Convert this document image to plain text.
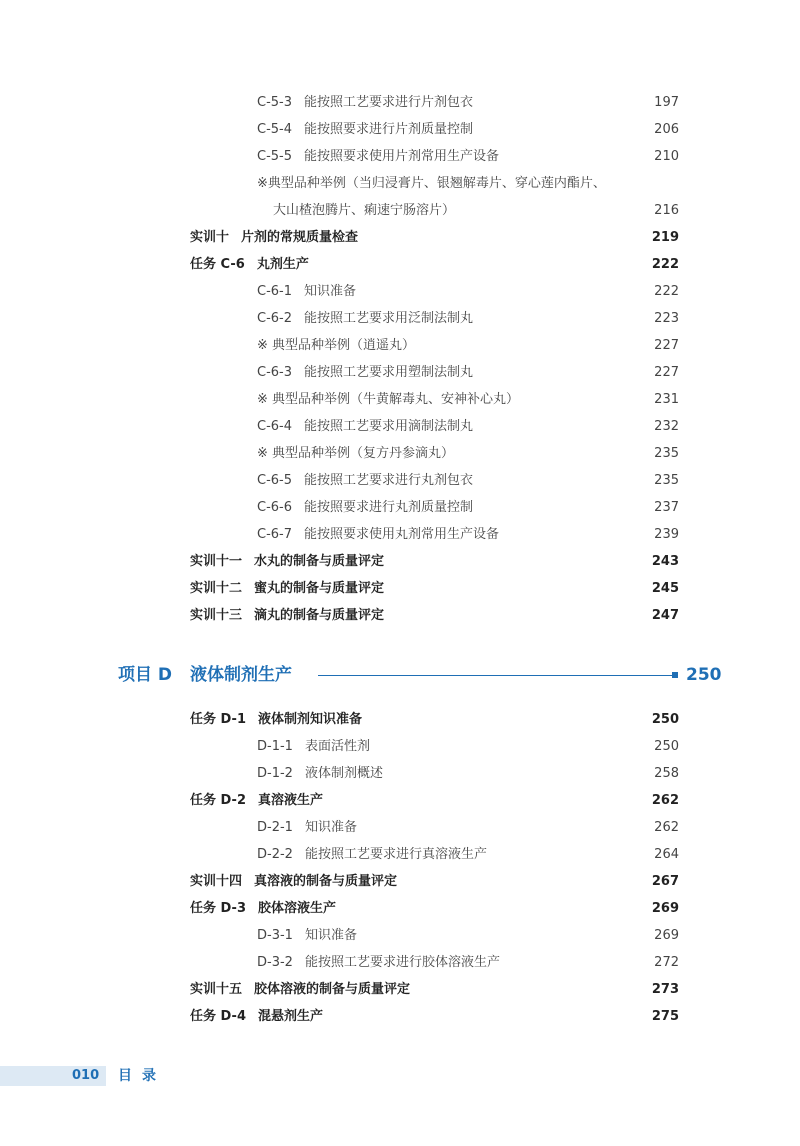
C-5-3 能按照工艺要求进行片剂包衣	197
C-5-4 能按照要求进行片剂质量控制	206
C-5-5 能按照要求使用片剂常用生产设备	210
※典型品种举例（当归浸膏片、银翘解毒片、穿心莲内酯片、
大山楂泡腾片、痢速宁肠溶片）	216
实训十 片剂的常规质量检查	219
任务 C-6 丸剂生产	222
C-6-1 知识准备	222
C-6-2 能按照工艺要求用泛制法制丸	223
※ 典型品种举例（逍遥丸）	227
C-6-3 能按照工艺要求用塑制法制丸	227
※ 典型品种举例（牛黄解毒丸、安神补心丸）	231
C-6-4 能按照工艺要求用滴制法制丸	232
※ 典型品种举例（复方丹参滴丸）	235
C-6-5 能按照工艺要求进行丸剂包衣	235
C-6-6 能按照要求进行丸剂质量控制	237
C-6-7 能按照要求使用丸剂常用生产设备	239
实训十一 水丸的制备与质量评定	243
实训十二 蜜丸的制备与质量评定	245
实训十三 滴丸的制备与质量评定	247
项目 D 液体制剂生产	250
任务 D-1 液体制剂知识准备	250
D-1-1 表面活性剂	250
D-1-2 液体制剂概述	258
任务 D-2 真溶液生产	262
D-2-1 知识准备	262
D-2-2 能按照工艺要求进行真溶液生产	264
实训十四 真溶液的制备与质量评定	267
任务 D-3 胶体溶液生产	269
D-3-1 知识准备	269
D-3-2 能按照工艺要求进行胶体溶液生产	272
实训十五 胶体溶液的制备与质量评定	273
任务 D-4 混悬剂生产	275
010 目录
